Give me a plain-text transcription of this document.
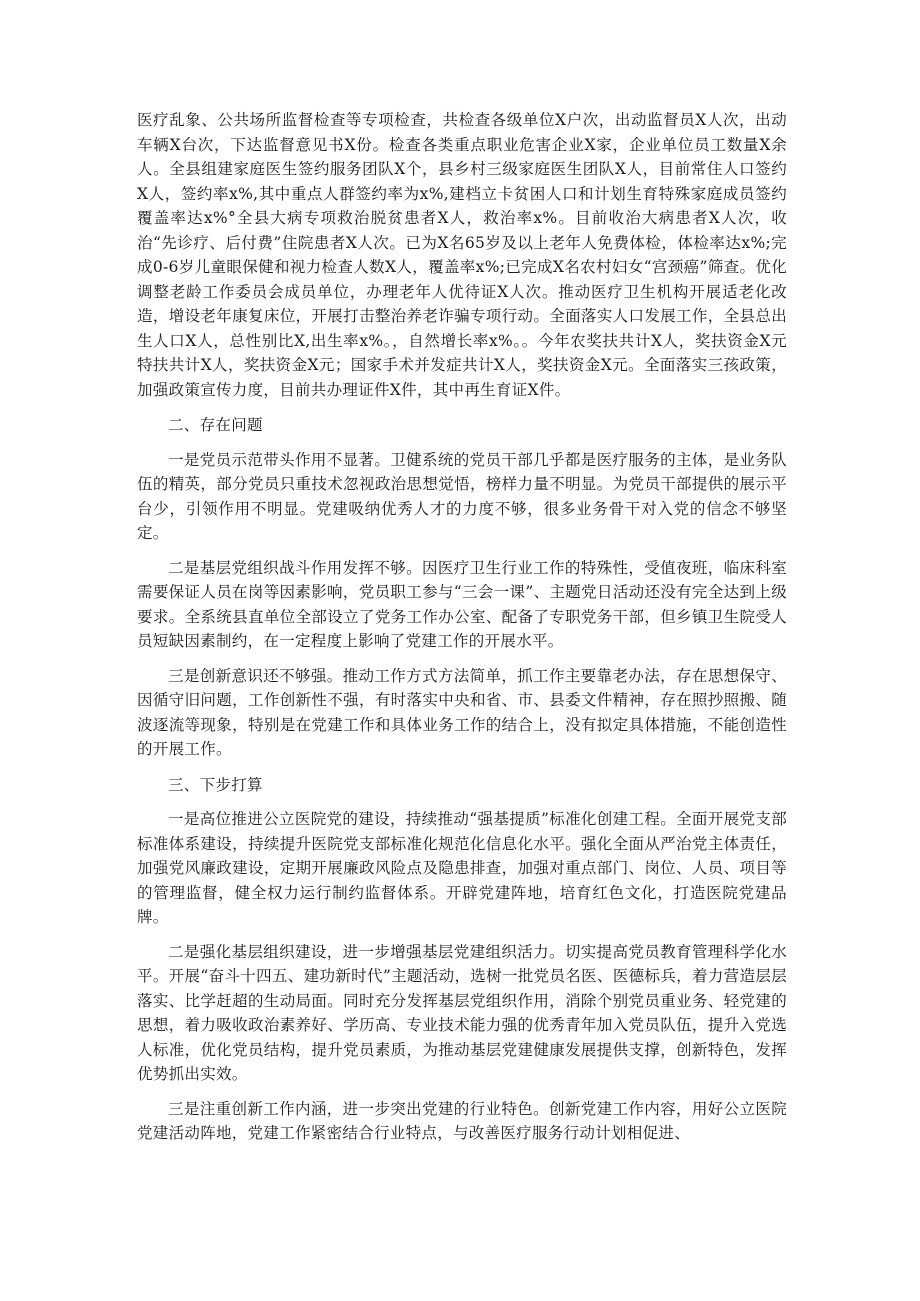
医疗乱象、公共场所监督检查等专项检查，共检查各级单位X户次，出动监督员X人次，出动车辆X台次，下达监督意见书X份。检查各类重点职业危害企业X家，企业单位员工数量X余人。全县组建家庭医生签约服务团队X个，县乡村三级家庭医生团队X人，目前常住人口签约X人，签约率x%,其中重点人群签约率为x%,建档立卡贫困人口和计划生育特殊家庭成员签约覆盖率达x%°全县大病专项救治脱贫患者X人，救治率x%。目前收治大病患者X人次，收治“先诊疗、后付费”住院患者X人次。已为X名65岁及以上老年人免费体检，体检率达x%;完成0-6岁儿童眼保健和视力检查人数X人，覆盖率x%;已完成X名农村妇女“宫颈癌”筛查。优化调整老龄工作委员会成员单位，办理老年人优待证X人次。推动医疗卫生机构开展适老化改造，增设老年康复床位，开展打击整治养老诈骗专项行动。全面落实人口发展工作，全县总出生人口X人，总性别比X,出生率x%。，自然增长率x%。。今年农奖扶共计X人，奖扶资金X元 特扶共计X人，奖扶资金X元；国家手术并发症共计X人，奖扶资金X元。全面落实三孩政策，加强政策宣传力度，目前共办理证件X件，其中再生育证X件。

二、存在问题

一是党员示范带头作用不显著。卫健系统的党员干部几乎都是医疗服务的主体，是业务队伍的精英，部分党员只重技术忽视政治思想觉悟，榜样力量不明显。为党员干部提供的展示平台少，引领作用不明显。党建吸纳优秀人才的力度不够，很多业务骨干对入党的信念不够坚定。

二是基层党组织战斗作用发挥不够。因医疗卫生行业工作的特殊性，受值夜班，临床科室需要保证人员在岗等因素影响，党员职工参与“三会一课”、主题党日活动还没有完全达到上级要求。全系统县直单位全部设立了党务工作办公室、配备了专职党务干部，但乡镇卫生院受人员短缺因素制约，在一定程度上影响了党建工作的开展水平。

三是创新意识还不够强。推动工作方式方法简单，抓工作主要靠老办法，存在思想保守、因循守旧问题，工作创新性不强，有时落实中央和省、市、县委文件精神，存在照抄照搬、随波逐流等现象，特别是在党建工作和具体业务工作的结合上，没有拟定具体措施，不能创造性的开展工作。

三、下步打算

一是高位推进公立医院党的建设，持续推动“强基提质”标准化创建工程。全面开展党支部标准体系建设，持续提升医院党支部标准化规范化信息化水平。强化全面从严治党主体责任，加强党风廉政建设，定期开展廉政风险点及隐患排查，加强对重点部门、岗位、人员、项目等的管理监督，健全权力运行制约监督体系。开辟党建阵地，培育红色文化，打造医院党建品牌。

二是强化基层组织建设，进一步增强基层党建组织活力。切实提高党员教育管理科学化水平。开展“奋斗十四五、建功新时代”主题活动，选树一批党员名医、医德标兵，着力营造层层落实、比学赶超的生动局面。同时充分发挥基层党组织作用，消除个别党员重业务、轻党建的思想，着力吸收政治素养好、学历高、专业技术能力强的优秀青年加入党员队伍，提升入党选人标准，优化党员结构，提升党员素质，为推动基层党建健康发展提供支撑，创新特色，发挥优势抓出实效。

三是注重创新工作内涵，进一步突出党建的行业特色。创新党建工作内容，用好公立医院党建活动阵地，党建工作紧密结合行业特点，与改善医疗服务行动计划相促进、
